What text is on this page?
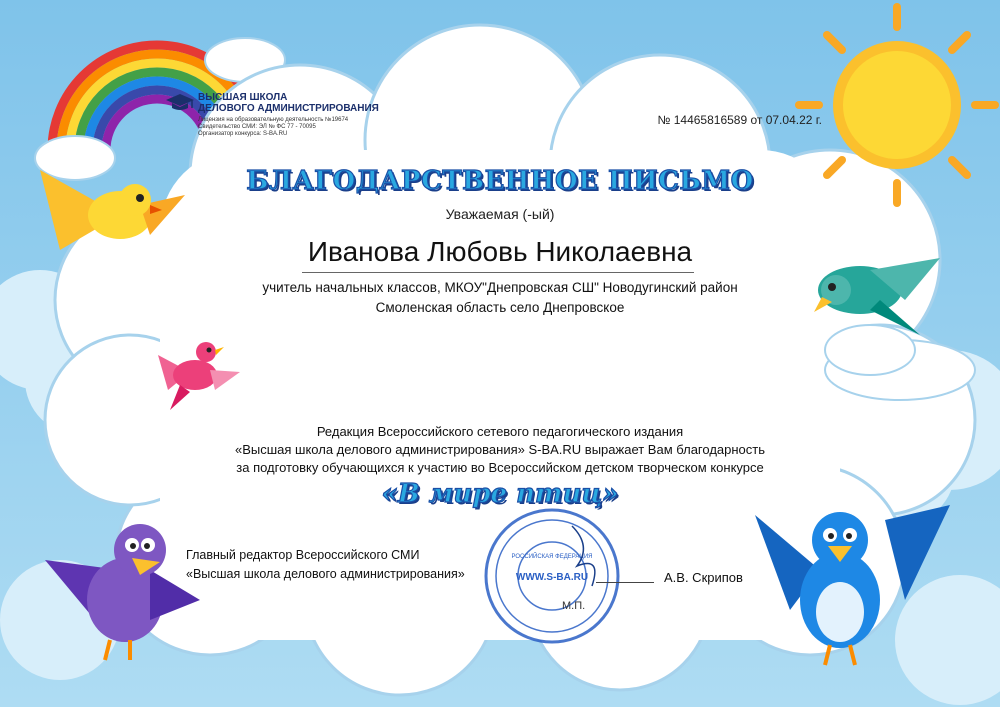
ВЫСШАЯ ШКОЛА
ДЕЛОВОГО АДМИНИСТРИРОВАНИЯ
Лицензия на образовательную деятельность №19674
Свидетельство СМИ: ЭЛ № ФС 77 - 70095
Организатор конкурса: S-BA.RU
№ 14465816589 от 07.04.22 г.
БЛАГОДАРСТВЕННОЕ ПИСЬМО
Уважаемая (-ый)
Иванова Любовь Николаевна
учитель начальных классов, МКОУ"Днепровская СШ" Новодугинский район
Смоленская область село Днепровское
Редакция Всероссийского сетевого педагогического издания
«Высшая школа делового администрирования» S-BA.RU выражает Вам благодарность
за подготовку обучающихся к участию во Всероссийском детском творческом конкурсе
«В мире птиц»
WWW.S-BA.RU
РОССИЙСКАЯ ФЕДЕРАЦИЯ
Главный редактор Всероссийского СМИ
«Высшая школа делового администрирования»	А.В. Скрипов
М.П.
